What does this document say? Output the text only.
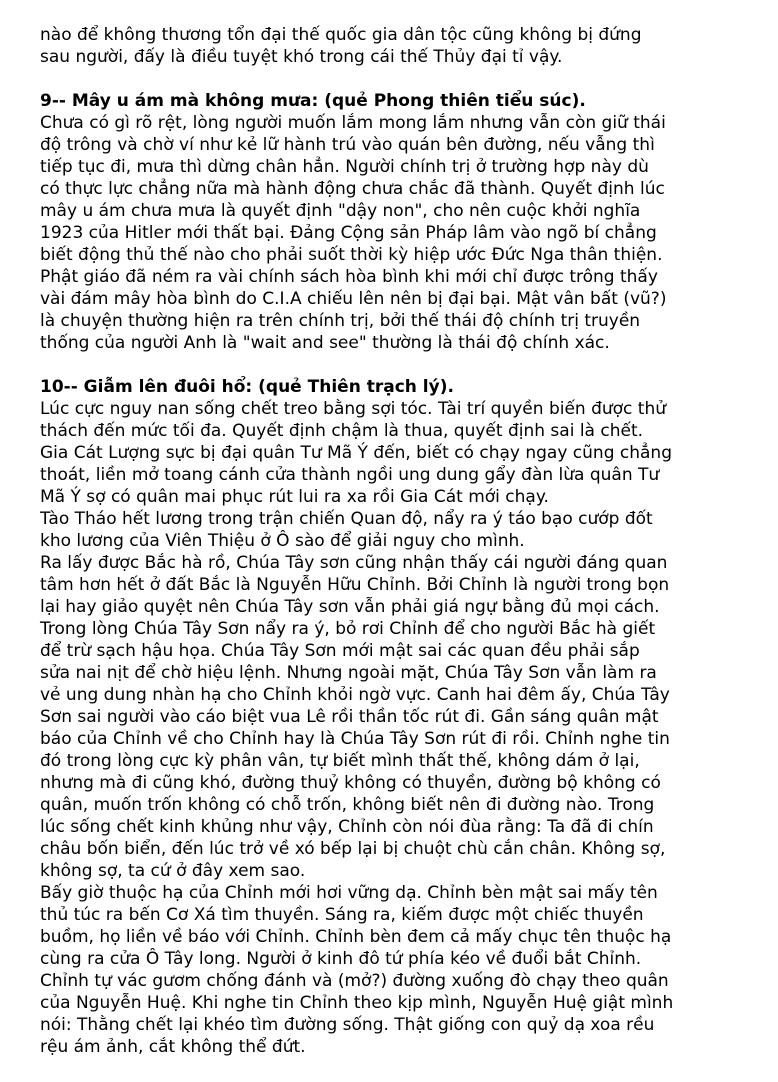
nào để không thương tổn đại thế quốc gia dân tộc cũng không bị đứng
sau người, đấy là điều tuyệt khó trong cái thế Thủy đại tỉ vậy.
9-- Mây u ám mà không mưa: (quẻ Phong thiên tiểu súc).
Chưa có gì rõ rệt, lòng người muốn lắm mong lắm nhưng vẫn còn giữ thái
độ trông và chờ ví như kẻ lữ hành trú vào quán bên đường, nếu vẫng thì
tiếp tục đi, mưa thì dừng chân hẳn. Người chính trị ở trường hợp này dù
có thực lực chẳng nữa mà hành động chưa chắc đã thành. Quyết định lúc
mây u ám chưa mưa là quyết định "dậy non", cho nên cuộc khởi nghĩa
1923 của Hitler mới thất bại. Đảng Cộng sản Pháp lâm vào ngõ bí chẳng
biết động thủ thế nào cho phải suốt thời kỳ hiệp ước Đức Nga thân thiện.
Phật giáo đã ném ra vài chính sách hòa bình khi mới chỉ được trông thấy
vài đám mây hòa bình do C.I.A chiếu lên nên bị đại bại. Mật vân bất (vũ?)
là chuyện thường hiện ra trên chính trị, bởi thế thái độ chính trị truyền
thống của người Anh là "wait and see" thường là thái độ chính xác.
10-- Giẫm lên đuôi hổ: (quẻ Thiên trạch lý).
Lúc cực nguy nan sống chết treo bằng sợi tóc. Tài trí quyền biến được thử
thách đến mức tối đa. Quyết định chậm là thua, quyết định sai là chết.
Gia Cát Lượng sực bị đại quân Tư Mã Ý đến, biết có chạy ngay cũng chẳng
thoát, liền mở toang cánh cửa thành ngồi ung dung gẩy đàn lừa quân Tư
Mã Ý sợ có quân mai phục rút lui ra xa rồi Gia Cát mới chạy.
Tào Tháo hết lương trong trận chiến Quan độ, nẩy ra ý táo bạo cướp đốt
kho lương của Viên Thiệu ở Ô sào để giải nguy cho mình.
Ra lấy được Bắc hà rồ, Chúa Tây sơn cũng nhận thấy cái người đáng quan
tâm hơn hết ở đất Bắc là Nguyễn Hữu Chỉnh. Bởi Chỉnh là người trong bọn
lại hay giảo quyệt nên Chúa Tây sơn vẫn phải giá ngự bằng đủ mọi cách.
Trong lòng Chúa Tây Sơn nẩy ra ý, bỏ rơi Chỉnh để cho người Bắc hà giết
để trừ sạch hậu họa. Chúa Tây Sơn mới mật sai các quan đều phải sắp
sửa nai nịt để chờ hiệu lệnh. Nhưng ngoài mặt, Chúa Tây Sơn vẫn làm ra
vẻ ung dung nhàn hạ cho Chỉnh khỏi ngờ vực. Canh hai đêm ấy, Chúa Tây
Sơn sai người vào cáo biệt vua Lê rồi thần tốc rút đi. Gần sáng quân mật
báo của Chỉnh về cho Chỉnh hay là Chúa Tây Sơn rút đi rồi. Chỉnh nghe tin
đó trong lòng cực kỳ phân vân, tự biết mình thất thế, không dám ở lại,
nhưng mà đi cũng khó, đường thuỷ không có thuyền, đường bộ không có
quân, muốn trốn không có chỗ trốn, không biết nên đi đường nào. Trong
lúc sống chết kinh khủng như vậy, Chỉnh còn nói đùa rằng: Ta đã đi chín
châu bốn biển, đến lúc trở về xó bếp lại bị chuột chù cắn chân. Không sợ,
không sợ, ta cứ ở đây xem sao.
Bấy giờ thuộc hạ của Chỉnh mới hơi vững dạ. Chỉnh bèn mật sai mấy tên
thủ túc ra bến Cơ Xá tìm thuyền. Sáng ra, kiếm được một chiếc thuyền
buồm, họ liền về báo với Chỉnh. Chỉnh bèn đem cả mấy chục tên thuộc hạ
cùng ra cửa Ô Tây long. Người ở kinh đô tứ phía kéo về đuổi bắt Chỉnh.
Chỉnh tự vác gươm chống đánh và (mở?) đường xuống đò chạy theo quân
của Nguyễn Huệ. Khi nghe tin Chỉnh theo kịp mình, Nguyễn Huệ giật mình
nói: Thằng chết lại khéo tìm đường sống. Thật giống con quỷ dạ xoa rều
rệu ám ảnh, cắt không thể đứt.
